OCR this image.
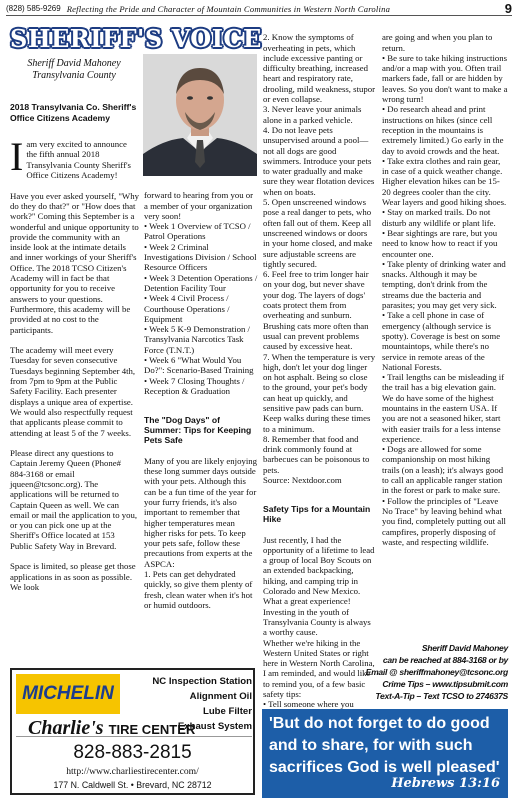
(828) 585-9269 Reflecting the Pride and Character of Mountain Communities in Western North Carolina	9
SHERIFF'S VOICE
Sheriff David Mahoney
Transylvania County

2018 Transylvania Co. Sheriff's Office Citizens Academy

Iam very excited to announce the fifth annual 2018 Transylvania County Sheriff's Office Citizens Academy!

Have you ever asked yourself, "Why do they do that?" or "How does that work?" Coming this September is a wonderful and unique opportunity to provide the community with an inside look at the intimate details and inner workings of your Sheriff's Office. The 2018 TCSO Citizen's Academy will in fact be that opportunity for you to receive answers to your questions. Furthermore, this academy will be provided at no cost to the participants.

The academy will meet every Tuesday for seven consecutive Tuesdays beginning September 4th, from 7pm to 9pm at the Public Safety Facility. Each presenter displays a unique area of expertise. We would also respectfully request that applicants please commit to attending at least 5 of the 7 weeks.

Please direct any questions to Captain Jeremy Queen (Phone# 884-3168 or email jqueen@tcsonc.org). The applications will be returned to Captain Queen as well. We can email or mail the application to you, or you can pick one up at the Sheriff's Office located at 153 Public Safety Way in Brevard.

Space is limited, so please get those applications in as soon as possible. We look

forward to hearing from you or a member of your organization very soon!
• Week 1 Overview of TCSO / Patrol Operations
• Week 2 Criminal Investigations Division / School Resource Officers
• Week 3 Detention Operations / Detention Facility Tour
• Week 4 Civil Process / Courthouse Operations / Equipment
• Week 5 K-9 Demonstration / Transylvania Narcotics Task Force (T.N.T.)
• Week 6 "What Would You Do?": Scenario-Based Training
• Week 7 Closing Thoughts / Reception & Graduation

The "Dog Days" of Summer: Tips for Keeping Pets Safe

Many of you are likely enjoying these long summer days outside with your pets. Although this can be a fun time of the year for your furry friends, it's also important to remember that higher temperatures mean higher risks for pets. To keep your pets safe, follow these precautions from experts at the ASPCA:
1. Pets can get dehydrated quickly, so give them plenty of fresh, clean water when it's hot or humid outdoors.

2. Know the symptoms of overheating in pets, which include excessive panting or difficulty breathing, increased heart and respiratory rate, drooling, mild weakness, stupor or even collapse.
3. Never leave your animals alone in a parked vehicle.
4. Do not leave pets unsupervised around a pool—not all dogs are good swimmers. Introduce your pets to water gradually and make sure they wear flotation devices when on boats.
5. Open unscreened windows pose a real danger to pets, who often fall out of them. Keep all unscreened windows or doors in your home closed, and make sure adjustable screens are tightly secured.
6. Feel free to trim longer hair on your dog, but never shave your dog. The layers of dogs' coats protect them from overheating and sunburn. Brushing cats more often than usual can prevent problems caused by excessive heat.
7. When the temperature is very high, don't let your dog linger on hot asphalt. Being so close to the ground, your pet's body can heat up quickly, and sensitive paw pads can burn. Keep walks during these times to a minimum.
8. Remember that food and drink commonly found at barbecues can be poisonous to pets.
Source: Nextdoor.com

Safety Tips for a Mountain Hike

Just recently, I had the opportunity of a lifetime to lead a group of local Boy Scouts on an extended backpacking, hiking, and camping trip in Colorado and New Mexico. What a great experience! Investing in the youth of Transylvania County is always a worthy cause.
Whether we're hiking in the Western United States or right here in Western North Carolina, I am reminded, and would like to remind you, of a few basic safety tips:
• Tell someone where you

are going and when you plan to return.
• Be sure to take hiking instructions and/or a map with you. Often trail markers fade, fall or are hidden by leaves. So you don't want to make a wrong turn!
• Do research ahead and print instructions on hikes (since cell reception in the mountains is extremely limited.) Go early in the day to avoid crowds and the heat.
• Take extra clothes and rain gear, in case of a quick weather change. Higher elevation hikes can be 15-20 degrees cooler than the city. Wear layers and good hiking shoes.
• Stay on marked trails. Do not disturb any wildlife or plant life.
• Bear sightings are rare, but you need to know how to react if you encounter one.
• Take plenty of drinking water and snacks. Although it may be tempting, don't drink from the streams due the bacteria and parasites; you may get very sick.
• Take a cell phone in case of emergency (although service is spotty). Coverage is best on some mountaintops, while there's no service in remote areas of the National Forests.
• Trail lengths can be misleading if the trail has a big elevation gain. We do have some of the highest mountains in the eastern USA. If you are not a seasoned hiker, start with easier trails for a less intense experience.
• Dogs are allowed for some companionship on most hiking trails (on a leash); it's always good to call an applicable ranger station in the forest or park to make sure.
• Follow the principles of "Leave No Trace" by leaving behind what you find, completely putting out all campfires, properly disposing of waste, and respecting wildlife.

Sheriff David Mahoney
can be reached at 884-3168 or by
Email @ sheriffmahoney@tcsonc.org
Crime Tips – www.tipsubmit.com
Text-A-Tip – Text TCSO to 274637S
NC Inspection Station
Alignment Oil
Lube Filter
Exhaust System
MICHELIN
Charlie's TIRE CENTER
828-883-2815
http://www.charliestirecenter.com/
177 N. Caldwell St. • Brevard, NC 28712
'But do not forget to do good and to share, for with such sacrifices God is well pleased'
Hebrews 13:16
